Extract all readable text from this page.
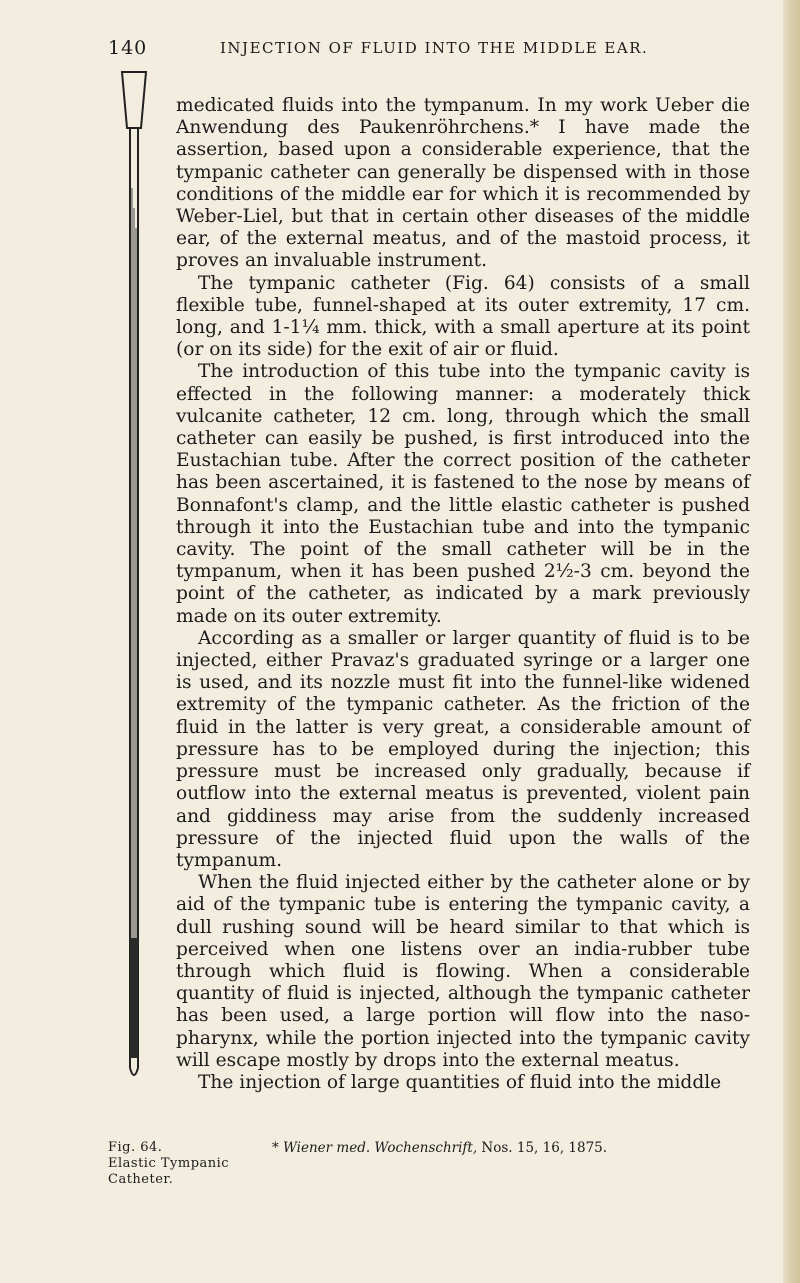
140	INJECTION OF FLUID INTO THE MIDDLE EAR.

medicated fluids into the tympanum. In my work Ueber die Anwendung des Paukenröhrchens.* I have made the assertion, based upon a considerable experience, that the tympanic catheter can generally be dispensed with in those conditions of the middle ear for which it is recommended by Weber-Liel, but that in certain other diseases of the middle ear, of the external meatus, and of the mastoid process, it proves an invaluable instrument.

The tympanic catheter (Fig. 64) consists of a small flexible tube, funnel-shaped at its outer extremity, 17 cm. long, and 1-1¼ mm. thick, with a small aperture at its point (or on its side) for the exit of air or fluid.

The introduction of this tube into the tympanic cavity is effected in the following manner: a moderately thick vulcanite catheter, 12 cm. long, through which the small catheter can easily be pushed, is first introduced into the Eustachian tube. After the correct position of the catheter has been ascertained, it is fastened to the nose by means of Bonnafont's clamp, and the little elastic catheter is pushed through it into the Eustachian tube and into the tympanic cavity. The point of the small catheter will be in the tympanum, when it has been pushed 2½-3 cm. beyond the point of the catheter, as indicated by a mark previously made on its outer extremity.

According as a smaller or larger quantity of fluid is to be injected, either Pravaz's graduated syringe or a larger one is used, and its nozzle must fit into the funnel-like widened extremity of the tympanic catheter. As the friction of the fluid in the latter is very great, a considerable amount of pressure has to be employed during the injection; this pressure must be increased only gradually, because if outflow into the external meatus is prevented, violent pain and giddiness may arise from the suddenly increased pressure of the injected fluid upon the walls of the tympanum.

When the fluid injected either by the catheter alone or by aid of the tympanic tube is entering the tympanic cavity, a dull rushing sound will be heard similar to that which is perceived when one listens over an india-rubber tube through which fluid is flowing. When a considerable quantity of fluid is injected, although the tympanic catheter has been used, a large portion will flow into the naso-pharynx, while the portion injected into the tympanic cavity will escape mostly by drops into the external meatus.

The injection of large quantities of fluid into the middle

Fig. 64.
Elastic Tympanic
Catheter.
* Wiener med. Wochenschrift, Nos. 15, 16, 1875.
